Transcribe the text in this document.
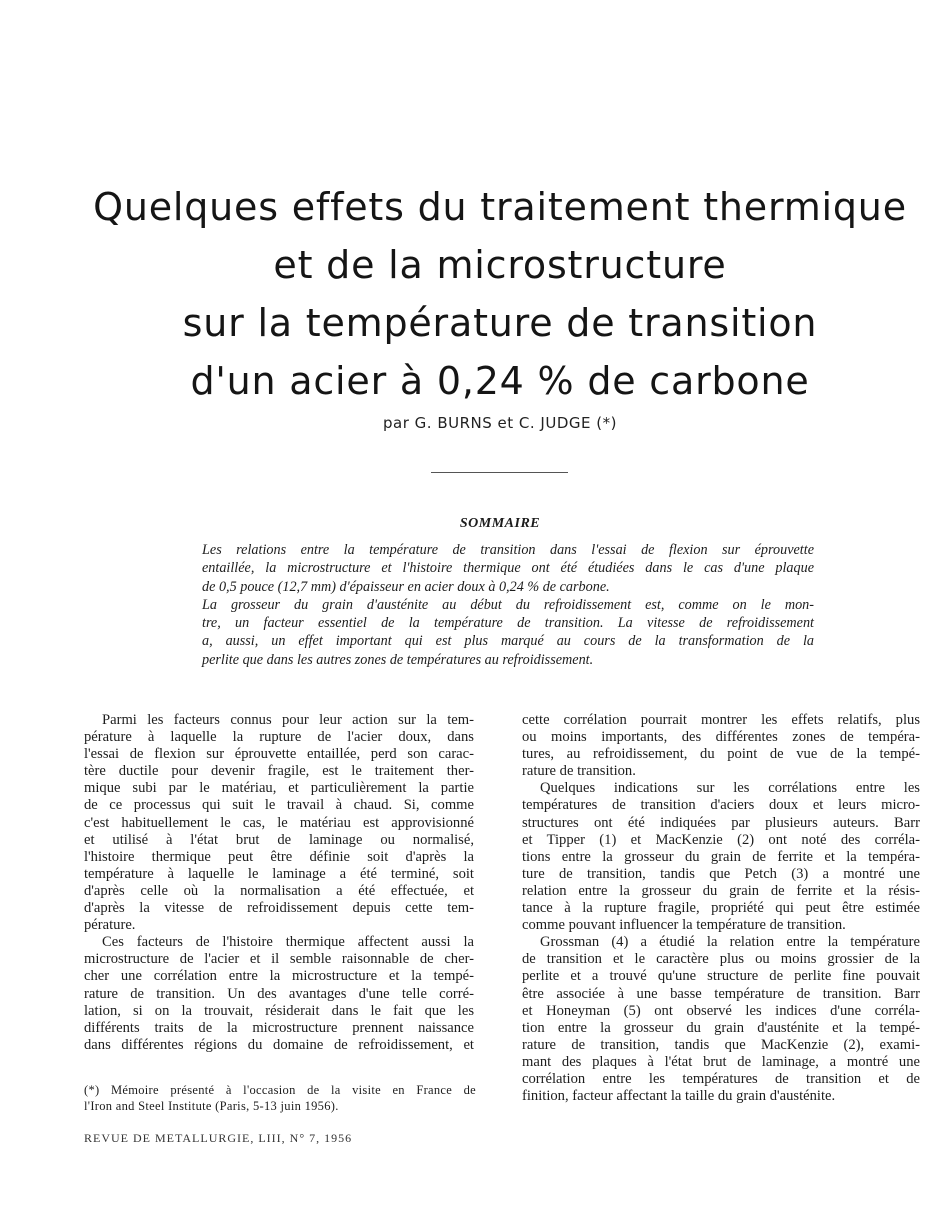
Quelques effets du traitement thermique
et de la microstructure
sur la température de transition
d'un acier à 0,24 % de carbone
par G. BURNS et C. JUDGE (*)
SOMMAIRE

Les relations entre la température de transition dans l'essai de flexion sur éprouvette
entaillée, la microstructure et l'histoire thermique ont été étudiées dans le cas d'une plaque
de 0,5 pouce (12,7 mm) d'épaisseur en acier doux à 0,24 % de carbone.

La grosseur du grain d'austénite au début du refroidissement est, comme on le mon-
tre, un facteur essentiel de la température de transition. La vitesse de refroidissement
a, aussi, un effet important qui est plus marqué au cours de la transformation de la
perlite que dans les autres zones de températures au refroidissement.

Parmi les facteurs connus pour leur action sur la tem-
pérature à laquelle la rupture de l'acier doux, dans
l'essai de flexion sur éprouvette entaillée, perd son carac-
tère ductile pour devenir fragile, est le traitement ther-
mique subi par le matériau, et particulièrement la partie
de ce processus qui suit le travail à chaud. Si, comme
c'est habituellement le cas, le matériau est approvisionné
et utilisé à l'état brut de laminage ou normalisé,
l'histoire thermique peut être définie soit d'après la
température à laquelle le laminage a été terminé, soit
d'après celle où la normalisation a été effectuée, et
d'après la vitesse de refroidissement depuis cette tem-
pérature.

Ces facteurs de l'histoire thermique affectent aussi la
microstructure de l'acier et il semble raisonnable de cher-
cher une corrélation entre la microstructure et la tempé-
rature de transition. Un des avantages d'une telle corré-
lation, si on la trouvait, résiderait dans le fait que les
différents traits de la microstructure prennent naissance
dans différentes régions du domaine de refroidissement, et

cette corrélation pourrait montrer les effets relatifs, plus
ou moins importants, des différentes zones de tempéra-
tures, au refroidissement, du point de vue de la tempé-
rature de transition.

Quelques indications sur les corrélations entre les
températures de transition d'aciers doux et leurs micro-
structures ont été indiquées par plusieurs auteurs. Barr
et Tipper (1) et MacKenzie (2) ont noté des corréla-
tions entre la grosseur du grain de ferrite et la tempéra-
ture de transition, tandis que Petch (3) a montré une
relation entre la grosseur du grain de ferrite et la résis-
tance à la rupture fragile, propriété qui peut être estimée
comme pouvant influencer la température de transition.

Grossman (4) a étudié la relation entre la température
de transition et le caractère plus ou moins grossier de la
perlite et a trouvé qu'une structure de perlite fine pouvait
être associée à une basse température de transition. Barr
et Honeyman (5) ont observé les indices d'une corréla-
tion entre la grosseur du grain d'austénite et la tempé-
rature de transition, tandis que MacKenzie (2), exami-
mant des plaques à l'état brut de laminage, a montré une
corrélation entre les températures de transition et de
finition, facteur affectant la taille du grain d'austénite.

(*) Mémoire présenté à l'occasion de la visite en France de
l'Iron and Steel Institute (Paris, 5-13 juin 1956).
REVUE DE METALLURGIE, LIII, N° 7, 1956
